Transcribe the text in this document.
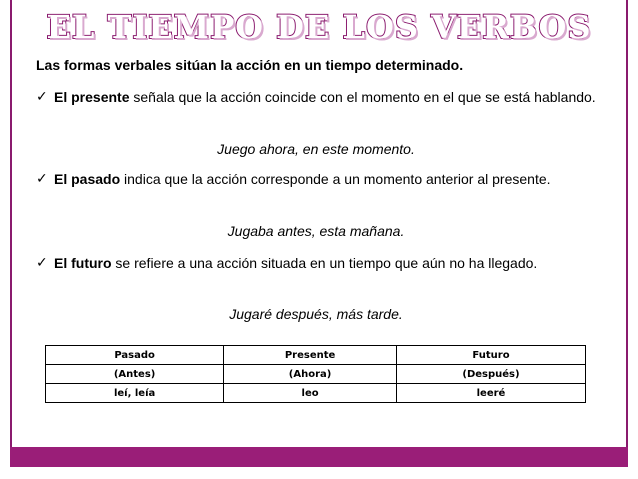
EL TIEMPO DE LOS VERBOS
Las formas verbales sitúan la acción en un tiempo determinado.
✓ El presente señala que la acción coincide con el momento en el que se está hablando.
Juego ahora, en este momento.
✓ El pasado indica que la acción corresponde a un momento anterior al presente.
Jugaba antes, esta mañana.
✓ El futuro se refiere a una acción situada en un tiempo que aún no ha llegado.
Jugaré después, más tarde.
Pasado	Presente	Futuro
(Antes)	(Ahora)	(Después)
leí, leía	leo	leeré
